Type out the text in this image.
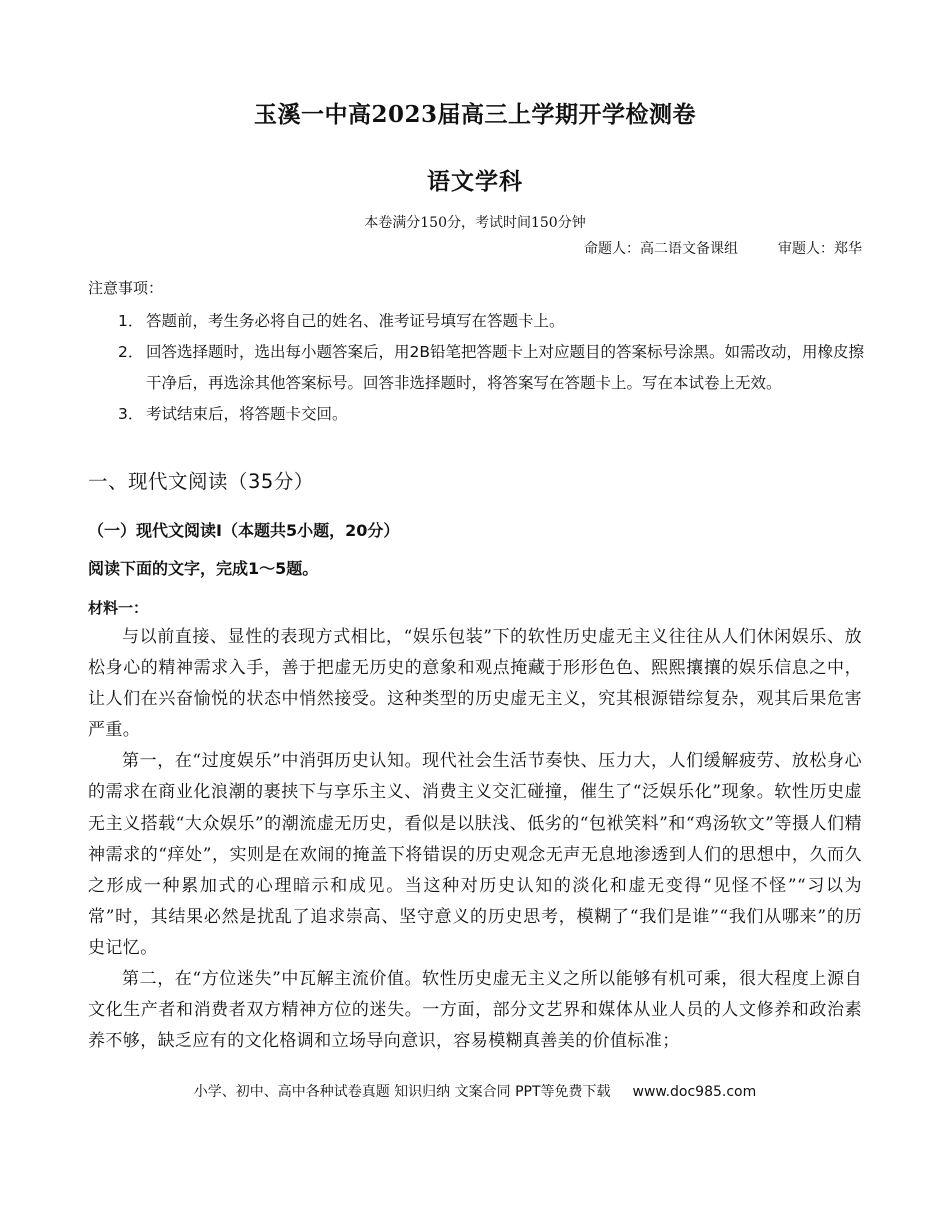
玉溪一中高2023届高三上学期开学检测卷
语文学科
本卷满分150分，考试时间150分钟
命题人：高二语文备课组	审题人：郑华
注意事项：
1． 答题前，考生务必将自己的姓名、准考证号填写在答题卡上。
2． 回答选择题时，选出每小题答案后，用2B铅笔把答题卡上对应题目的答案标号涂黑。如需改动，用橡皮擦干净后，再选涂其他答案标号。回答非选择题时，将答案写在答题卡上。写在本试卷上无效。
3． 考试结束后，将答题卡交回。
一、现代文阅读（35分）
（一）现代文阅读Ⅰ（本题共5小题，20分）
阅读下面的文字，完成1～5题。
材料一：

与以前直接、显性的表现方式相比，“娱乐包装”下的软性历史虚无主义往往从人们休闲娱乐、放松身心的精神需求入手，善于把虚无历史的意象和观点掩藏于形形色色、熙熙攘攘的娱乐信息之中，让人们在兴奋愉悦的状态中悄然接受。这种类型的历史虚无主义，究其根源错综复杂，观其后果危害严重。

第一，在“过度娱乐”中消弭历史认知。现代社会生活节奏快、压力大，人们缓解疲劳、放松身心的需求在商业化浪潮的裹挟下与享乐主义、消费主义交汇碰撞，催生了“泛娱乐化”现象。软性历史虚无主义搭载“大众娱乐”的潮流虚无历史，看似是以肤浅、低劣的“包袱笑料”和“鸡汤软文”等摄人们精神需求的“痒处”，实则是在欢闹的掩盖下将错误的历史观念无声无息地渗透到人们的思想中，久而久之形成一种累加式的心理暗示和成见。当这种对历史认知的淡化和虚无变得“见怪不怪”“习以为常”时，其结果必然是扰乱了追求崇高、坚守意义的历史思考，模糊了“我们是谁”“我们从哪来”的历史记忆。

第二，在“方位迷失”中瓦解主流价值。软性历史虚无主义之所以能够有机可乘，很大程度上源自文化生产者和消费者双方精神方位的迷失。一方面，部分文艺界和媒体从业人员的人文修养和政治素养不够，缺乏应有的文化格调和立场导向意识，容易模糊真善美的价值标准；

小学、初中、高中各种试卷真题 知识归纳 文案合同 PPT等免费下载 www.doc985.com
